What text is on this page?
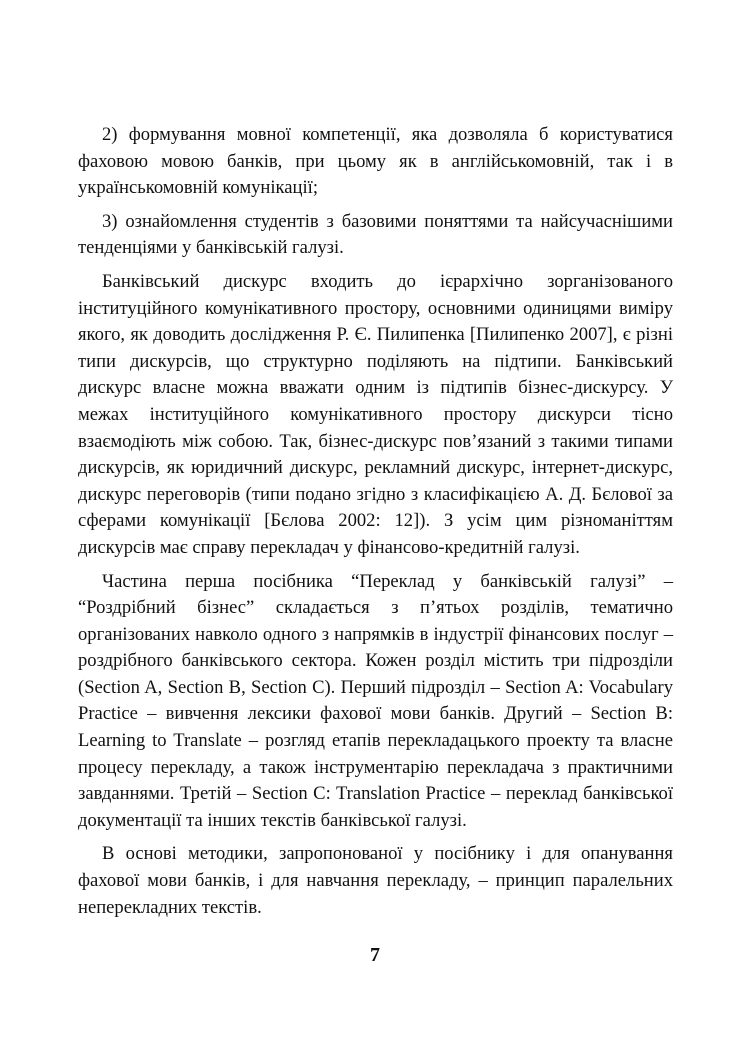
2) формування мовної компетенції, яка дозволяла б користуватися фаховою мовою банків, при цьому як в англійськомовній, так і в українськомовній комунікації;

3) ознайомлення студентів з базовими поняттями та найсучаснішими тенденціями у банківській галузі.

Банківський дискурс входить до ієрархічно зорганізованого інституційного комунікативного простору, основними одиницями виміру якого, як доводить дослідження Р. Є. Пилипенка [Пилипенко 2007], є різні типи дискурсів, що структурно поділяють на підтипи. Банківський дискурс власне можна вважати одним із підтипів бізнес-дискурсу. У межах інституційного комунікативного простору дискурси тісно взаємодіють між собою. Так, бізнес-дискурс пов’язаний з такими типами дискурсів, як юридичний дискурс, рекламний дискурс, інтернет-дискурс, дискурс переговорів (типи подано згідно з класифікацією А. Д. Бєлової за сферами комунікації [Бєлова 2002: 12]). З усім цим різноманіттям дискурсів має справу перекладач у фінансово-кредитній галузі.

Частина перша посібника “Переклад у банківській галузі” – “Роздрібний бізнес” складається з п’ятьох розділів, тематично організованих навколо одного з напрямків в індустрії фінансових послуг – роздрібного банківського сектора. Кожен розділ містить три підрозділи (Section A, Section B, Section C). Перший підрозділ – Section A: Vocabulary Practice – вивчення лексики фахової мови банків. Другий – Section B: Learning to Translate – розгляд етапів перекладацького проекту та власне процесу перекладу, а також інструментарію перекладача з практичними завданнями. Третій – Section C: Translation Practice – переклад банківської документації та інших текстів банківської галузі.

В основі методики, запропонованої у посібнику і для опанування фахової мови банків, і для навчання перекладу, – принцип паралельних неперекладних текстів.

7
